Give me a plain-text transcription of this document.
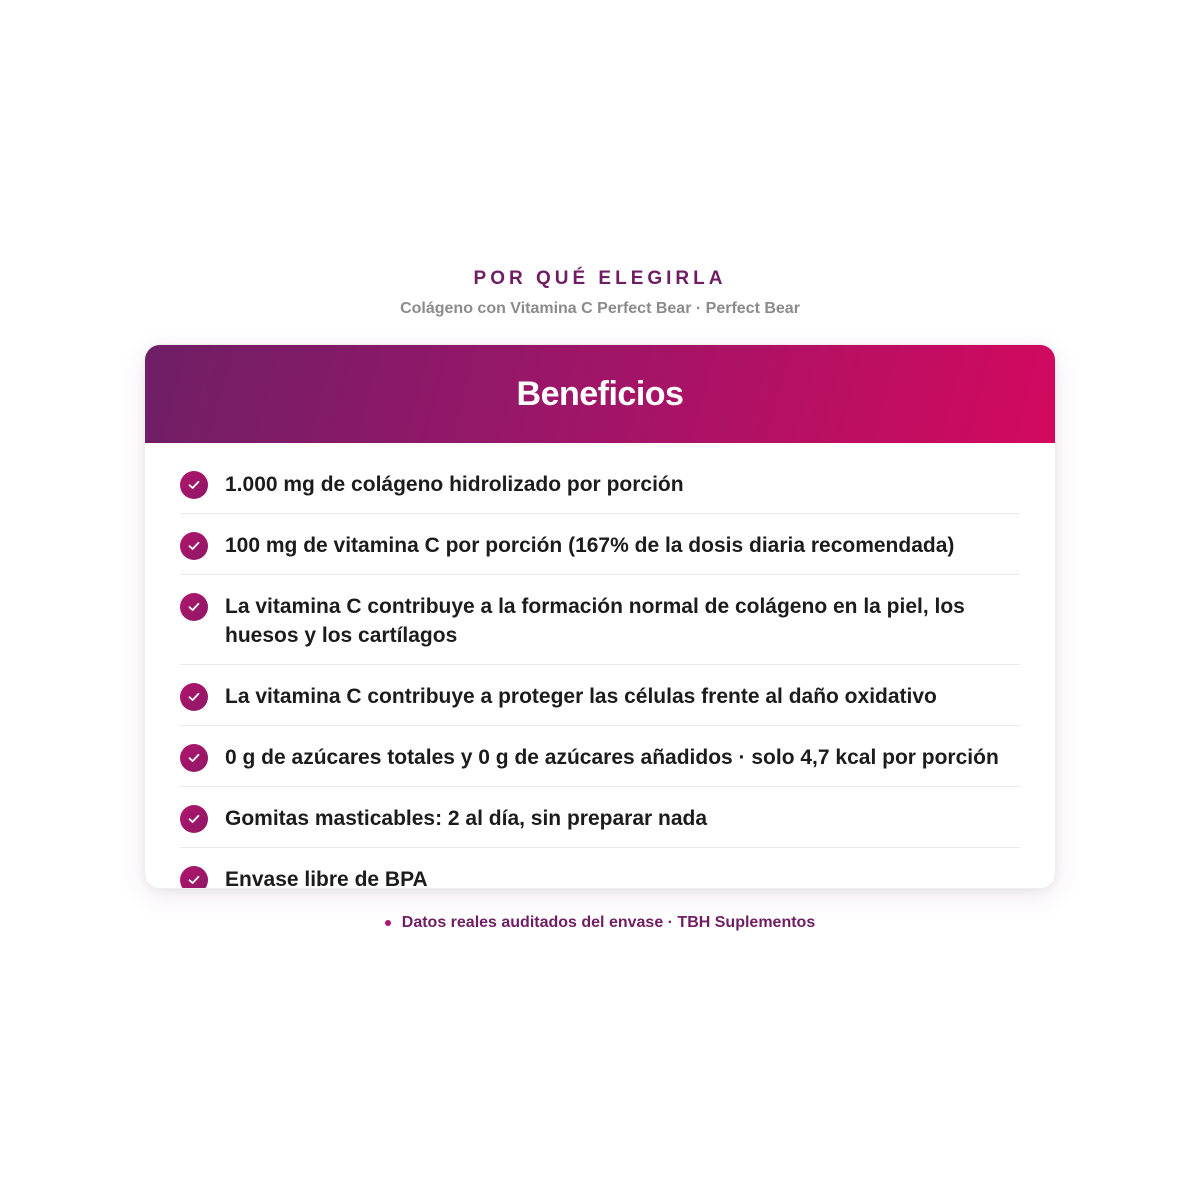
POR QUÉ ELEGIRLA
Colágeno con Vitamina C Perfect Bear · Perfect Bear
Beneficios
1.000 mg de colágeno hidrolizado por porción
100 mg de vitamina C por porción (167% de la dosis diaria recomendada)
La vitamina C contribuye a la formación normal de colágeno en la piel, los huesos y los cartílagos
La vitamina C contribuye a proteger las células frente al daño oxidativo
0 g de azúcares totales y 0 g de azúcares añadidos · solo 4,7 kcal por porción
Gomitas masticables: 2 al día, sin preparar nada
Envase libre de BPA
Datos reales auditados del envase · TBH Suplementos
